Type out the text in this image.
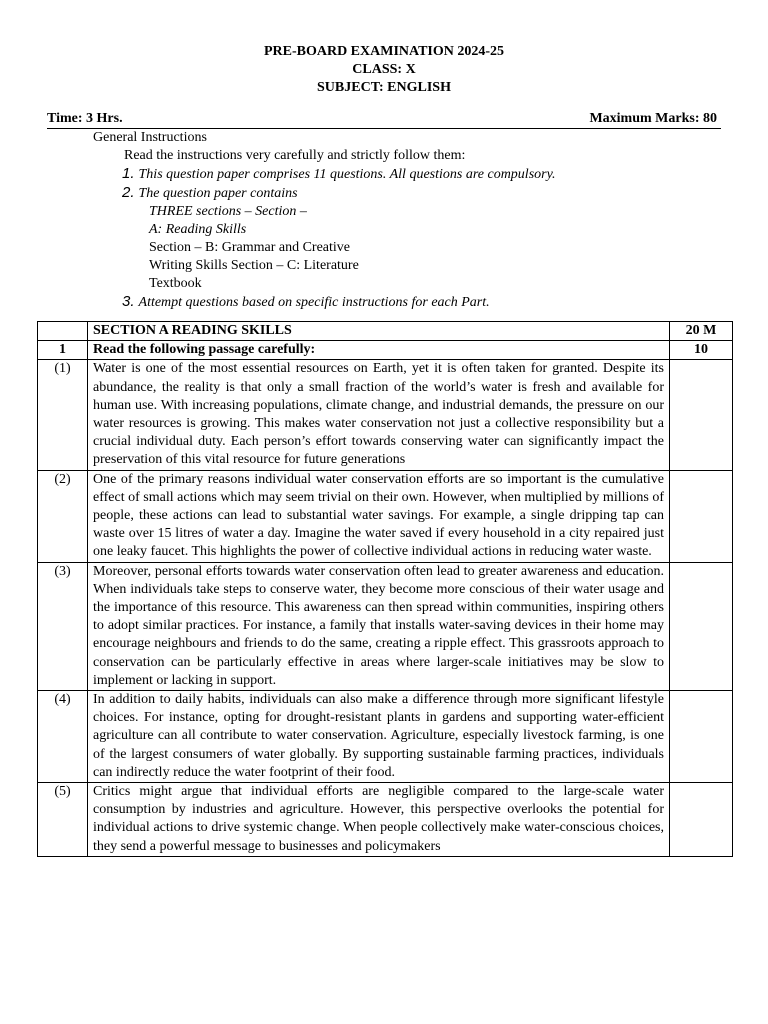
PRE-BOARD EXAMINATION 2024-25
CLASS: X
SUBJECT: ENGLISH
Time: 3 Hrs.	Maximum Marks: 80
General Instructions
Read the instructions very carefully and strictly follow them:
1. This question paper comprises 11 questions. All questions are compulsory.
2. The question paper contains
THREE sections – Section –
A: Reading Skills
Section – B: Grammar and Creative
Writing Skills Section – C: Literature
Textbook
3. Attempt questions based on specific instructions for each Part.
	SECTION A READING SKILLS	20 M
1	Read the following passage carefully:	10
(1)	Water is one of the most essential resources on Earth, yet it is often taken for granted. Despite its abundance, the reality is that only a small fraction of the world’s water is fresh and available for human use. With increasing populations, climate change, and industrial demands, the pressure on our water resources is growing. This makes water conservation not just a collective responsibility but a crucial individual duty. Each person’s effort towards conserving water can significantly impact the preservation of this vital resource for future generations	
(2)	One of the primary reasons individual water conservation efforts are so important is the cumulative effect of small actions which may seem trivial on their own. However, when multiplied by millions of people, these actions can lead to substantial water savings. For example, a single dripping tap can waste over 15 litres of water a day. Imagine the water saved if every household in a city repaired just one leaky faucet. This highlights the power of collective individual actions in reducing water waste.	
(3)	Moreover, personal efforts towards water conservation often lead to greater awareness and education. When individuals take steps to conserve water, they become more conscious of their water usage and the importance of this resource. This awareness can then spread within communities, inspiring others to adopt similar practices. For instance, a family that installs water-saving devices in their home may encourage neighbours and friends to do the same, creating a ripple effect. This grassroots approach to conservation can be particularly effective in areas where larger-scale initiatives may be slow to implement or lacking in support.	
(4)	In addition to daily habits, individuals can also make a difference through more significant lifestyle choices. For instance, opting for drought-resistant plants in gardens and supporting water-efficient agriculture can all contribute to water conservation. Agriculture, especially livestock farming, is one of the largest consumers of water globally. By supporting sustainable farming practices, individuals can indirectly reduce the water footprint of their food.	
(5)	Critics might argue that individual efforts are negligible compared to the large-scale water consumption by industries and agriculture. However, this perspective overlooks the potential for individual actions to drive systemic change. When people collectively make water-conscious choices, they send a powerful message to businesses and policymakers	
